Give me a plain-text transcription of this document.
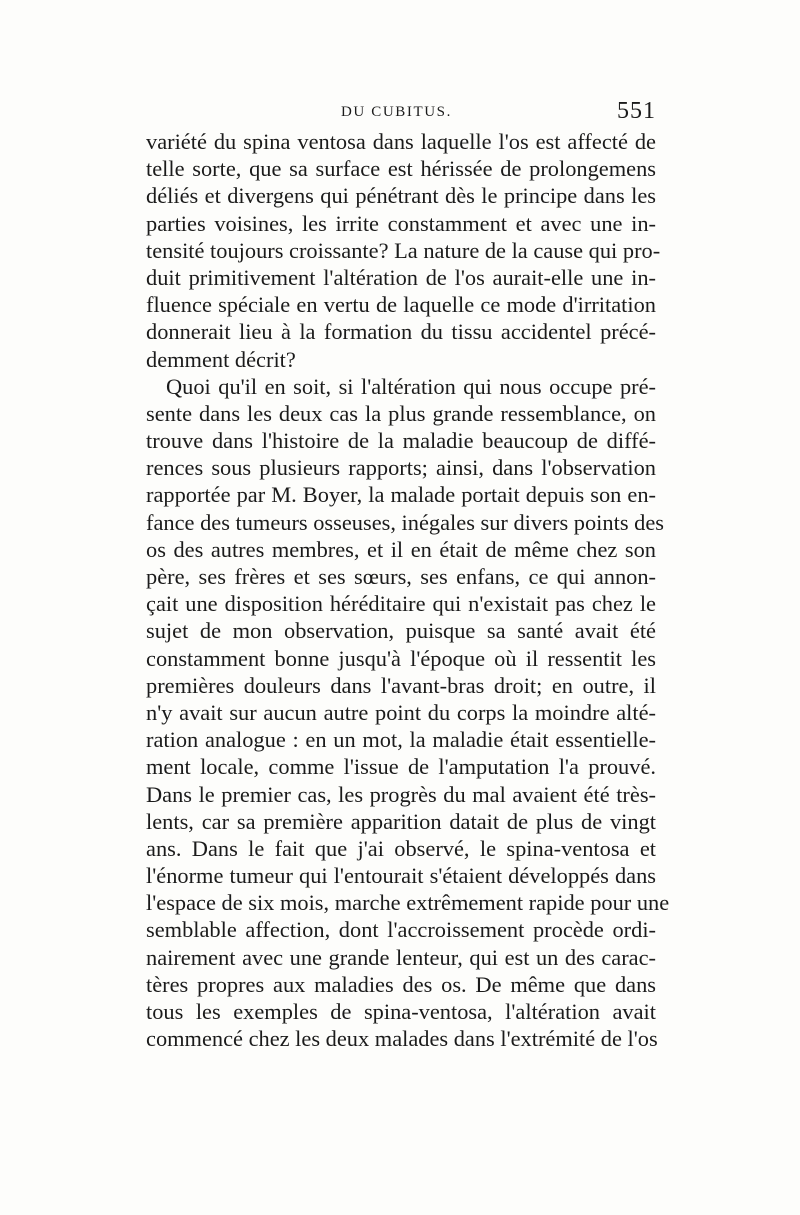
DU CUBITUS.	551
variété du spina ventosa dans laquelle l'os est affecté de
telle sorte, que sa surface est hérissée de prolongemens
déliés et divergens qui pénétrant dès le principe dans les
parties voisines, les irrite constamment et avec une in-
tensité toujours croissante? La nature de la cause qui pro-
duit primitivement l'altération de l'os aurait-elle une in-
fluence spéciale en vertu de laquelle ce mode d'irritation
donnerait lieu à la formation du tissu accidentel précé-
demment décrit?
Quoi qu'il en soit, si l'altération qui nous occupe pré-
sente dans les deux cas la plus grande ressemblance, on
trouve dans l'histoire de la maladie beaucoup de diffé-
rences sous plusieurs rapports; ainsi, dans l'observation
rapportée par M. Boyer, la malade portait depuis son en-
fance des tumeurs osseuses, inégales sur divers points des
os des autres membres, et il en était de même chez son
père, ses frères et ses sœurs, ses enfans, ce qui annon-
çait une disposition héréditaire qui n'existait pas chez le
sujet de mon observation, puisque sa santé avait été
constamment bonne jusqu'à l'époque où il ressentit les
premières douleurs dans l'avant-bras droit; en outre, il
n'y avait sur aucun autre point du corps la moindre alté-
ration analogue : en un mot, la maladie était essentielle-
ment locale, comme l'issue de l'amputation l'a prouvé.
Dans le premier cas, les progrès du mal avaient été très-
lents, car sa première apparition datait de plus de vingt
ans. Dans le fait que j'ai observé, le spina-ventosa et
l'énorme tumeur qui l'entourait s'étaient développés dans
l'espace de six mois, marche extrêmement rapide pour une
semblable affection, dont l'accroissement procède ordi-
nairement avec une grande lenteur, qui est un des carac-
tères propres aux maladies des os. De même que dans
tous les exemples de spina-ventosa, l'altération avait
commencé chez les deux malades dans l'extrémité de l'os
